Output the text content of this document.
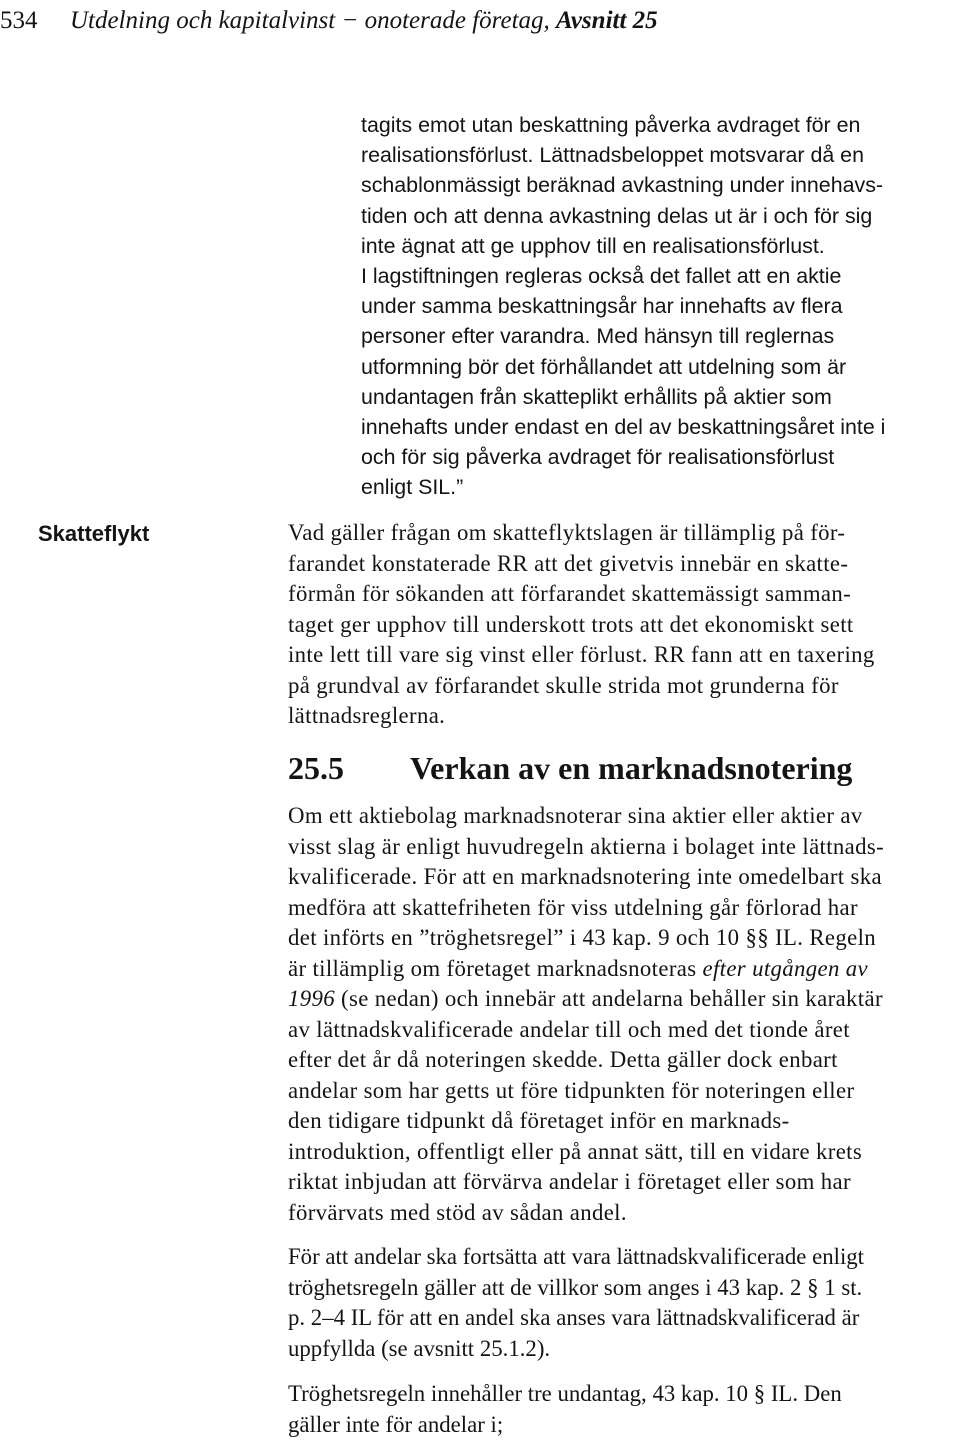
534 Utdelning och kapitalvinst − onoterade företag, Avsnitt 25

tagits emot utan beskattning påverka avdraget för en

realisationsförlust. Lättnadsbeloppet motsvarar då en

schablonmässigt beräknad avkastning under innehavs-

tiden och att denna avkastning delas ut är i och för sig

inte ägnat att ge upphov till en realisationsförlust.

I lagstiftningen regleras också det fallet att en aktie

under samma beskattningsår har innehafts av flera

personer efter varandra. Med hänsyn till reglernas

utformning bör det förhållandet att utdelning som är

undantagen från skatteplikt erhållits på aktier som

innehafts under endast en del av beskattningsåret inte i

och för sig påverka avdraget för realisationsförlust

enligt SIL.”

Skatteflykt	Vad gäller frågan om skatteflyktslagen är tillämplig på för-

farandet konstaterade RR att det givetvis innebär en skatte-

förmån för sökanden att förfarandet skattemässigt samman-

taget ger upphov till underskott trots att det ekonomiskt sett

inte lett till vare sig vinst eller förlust. RR fann att en taxering

på grundval av förfarandet skulle strida mot grunderna för

lättnadsreglerna.

25.5 Verkan av en marknadsnotering

Om ett aktiebolag marknadsnoterar sina aktier eller aktier av

visst slag är enligt huvudregeln aktierna i bolaget inte lättnads-

kvalificerade. För att en marknadsnotering inte omedelbart ska

medföra att skattefriheten för viss utdelning går förlorad har

det införts en ”tröghetsregel” i 43 kap. 9 och 10 §§ IL. Regeln

är tillämplig om företaget marknadsnoteras efter utgången av

1996 (se nedan) och innebär att andelarna behåller sin karaktär

av lättnadskvalificerade andelar till och med det tionde året

efter det år då noteringen skedde. Detta gäller dock enbart

andelar som har getts ut före tidpunkten för noteringen eller

den tidigare tidpunkt då företaget inför en marknads-

introduktion, offentligt eller på annat sätt, till en vidare krets

riktat inbjudan att förvärva andelar i företaget eller som har

förvärvats med stöd av sådan andel.

För att andelar ska fortsätta att vara lättnadskvalificerade enligt

tröghetsregeln gäller att de villkor som anges i 43 kap. 2 § 1 st.

p. 2–4 IL för att en andel ska anses vara lättnadskvalificerad är

uppfyllda (se avsnitt 25.1.2).

Tröghetsregeln innehåller tre undantag, 43 kap. 10 § IL. Den

gäller inte för andelar i;
